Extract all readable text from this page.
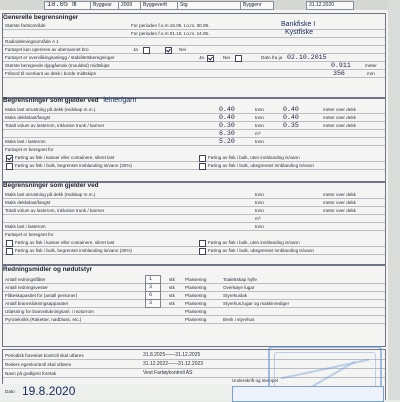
10.05 m	Byggear	2009	Byggeverft	Stg	Byggenr	31.12.2020
Generelle begrensninger
Største fartsområde	For perioden f.o.m 15.05. t.o.m. 30.09.	Bankfiske I
For perioden f.o.m 01.10. t.o.m. 14.05.	Kystfiske
Radiodekningsområde A 1
Fartøyet kan opereres av ubemannet bro	Ja	Nei
Fartøyet er overvåkingsanlegg / stabilitetsberegninger	Ja	Nei	Dato fra ja 02.10.2015
Største beregnede dypgående (moulded) midtskips	0.911	meter
Fribord til overkant av dekk i borde midtskips	356	mm
Begrensninger som gjelder ved leiner/garn
Maks last utrustning på dekk (redskap m.m.)	0.40	tonn	0.40	meter over dekk
Maks dekkslast/fangst	0.40	tonn	0.40	meter over dekk
Totalt volum av lasterom, inklusive trunk / karmer	0.30	tonn	0.35	meter over dekk
6.30	m³
Maks last i lasterom	5.20	tonn
Fartøyet er beregnet for
Føring av fisk i kasser eller containere, sikret last	Føring av fisk i bulk, uten innblanding is/vann
Føring av fisk / bulk, begrenset innblanding is/vann (30%)	Føring av fisk / bulk, ubegrenset innblanding is/vann
Begrensninger som gjelder ved
Maks last utrustning på dekk (redskap m.m.)	tonn	meter over dekk
Maks dekkslast/fangst	tonn	meter over dekk
Totalt volum av lasterom, inklusive trunk / karmer	tonn	meter over dekk
m³
Maks last i lasterom	tonn
Fartøyet er beregnet for
Føring av fisk i kasser eller containere, sikret last	Føring av fisk i bulk, uten innblanding is/vann
Føring av fisk / bulk, begrenset innblanding is/vann (30%)	Føring av fisk / bulk, ubegrenset innblanding is/vann
Redningsmidler og nødutstyr
Antall redningsflåter	1	stk Plassering	Toalettskap hylle
Antall redningsvester	3	stk Plassering	Overkøye lugar
Flåteskapasitet for (antall personer)	6	stk Plassering	Styrehuslak
Antall brannslokningsapparater	3	stk Plassering	Styrehus,lugar og maskinrediger
Utløsning for brannslukningsanl. i motorrom	Plassering
Pyroteknikk (Raketter, nødbluss, etc.)	Plassering	Benk i styrehus
Periodisk foreskiet kontroll skal utføres	31.8.2025——31.12.2025
Reders egenkontroll skal utføres	31.12.2022——31.12.2023
Navn på godkjent foretak	Vest Fartøykontroll AS
Dato 19.8.2020
Underskrift og stempel
